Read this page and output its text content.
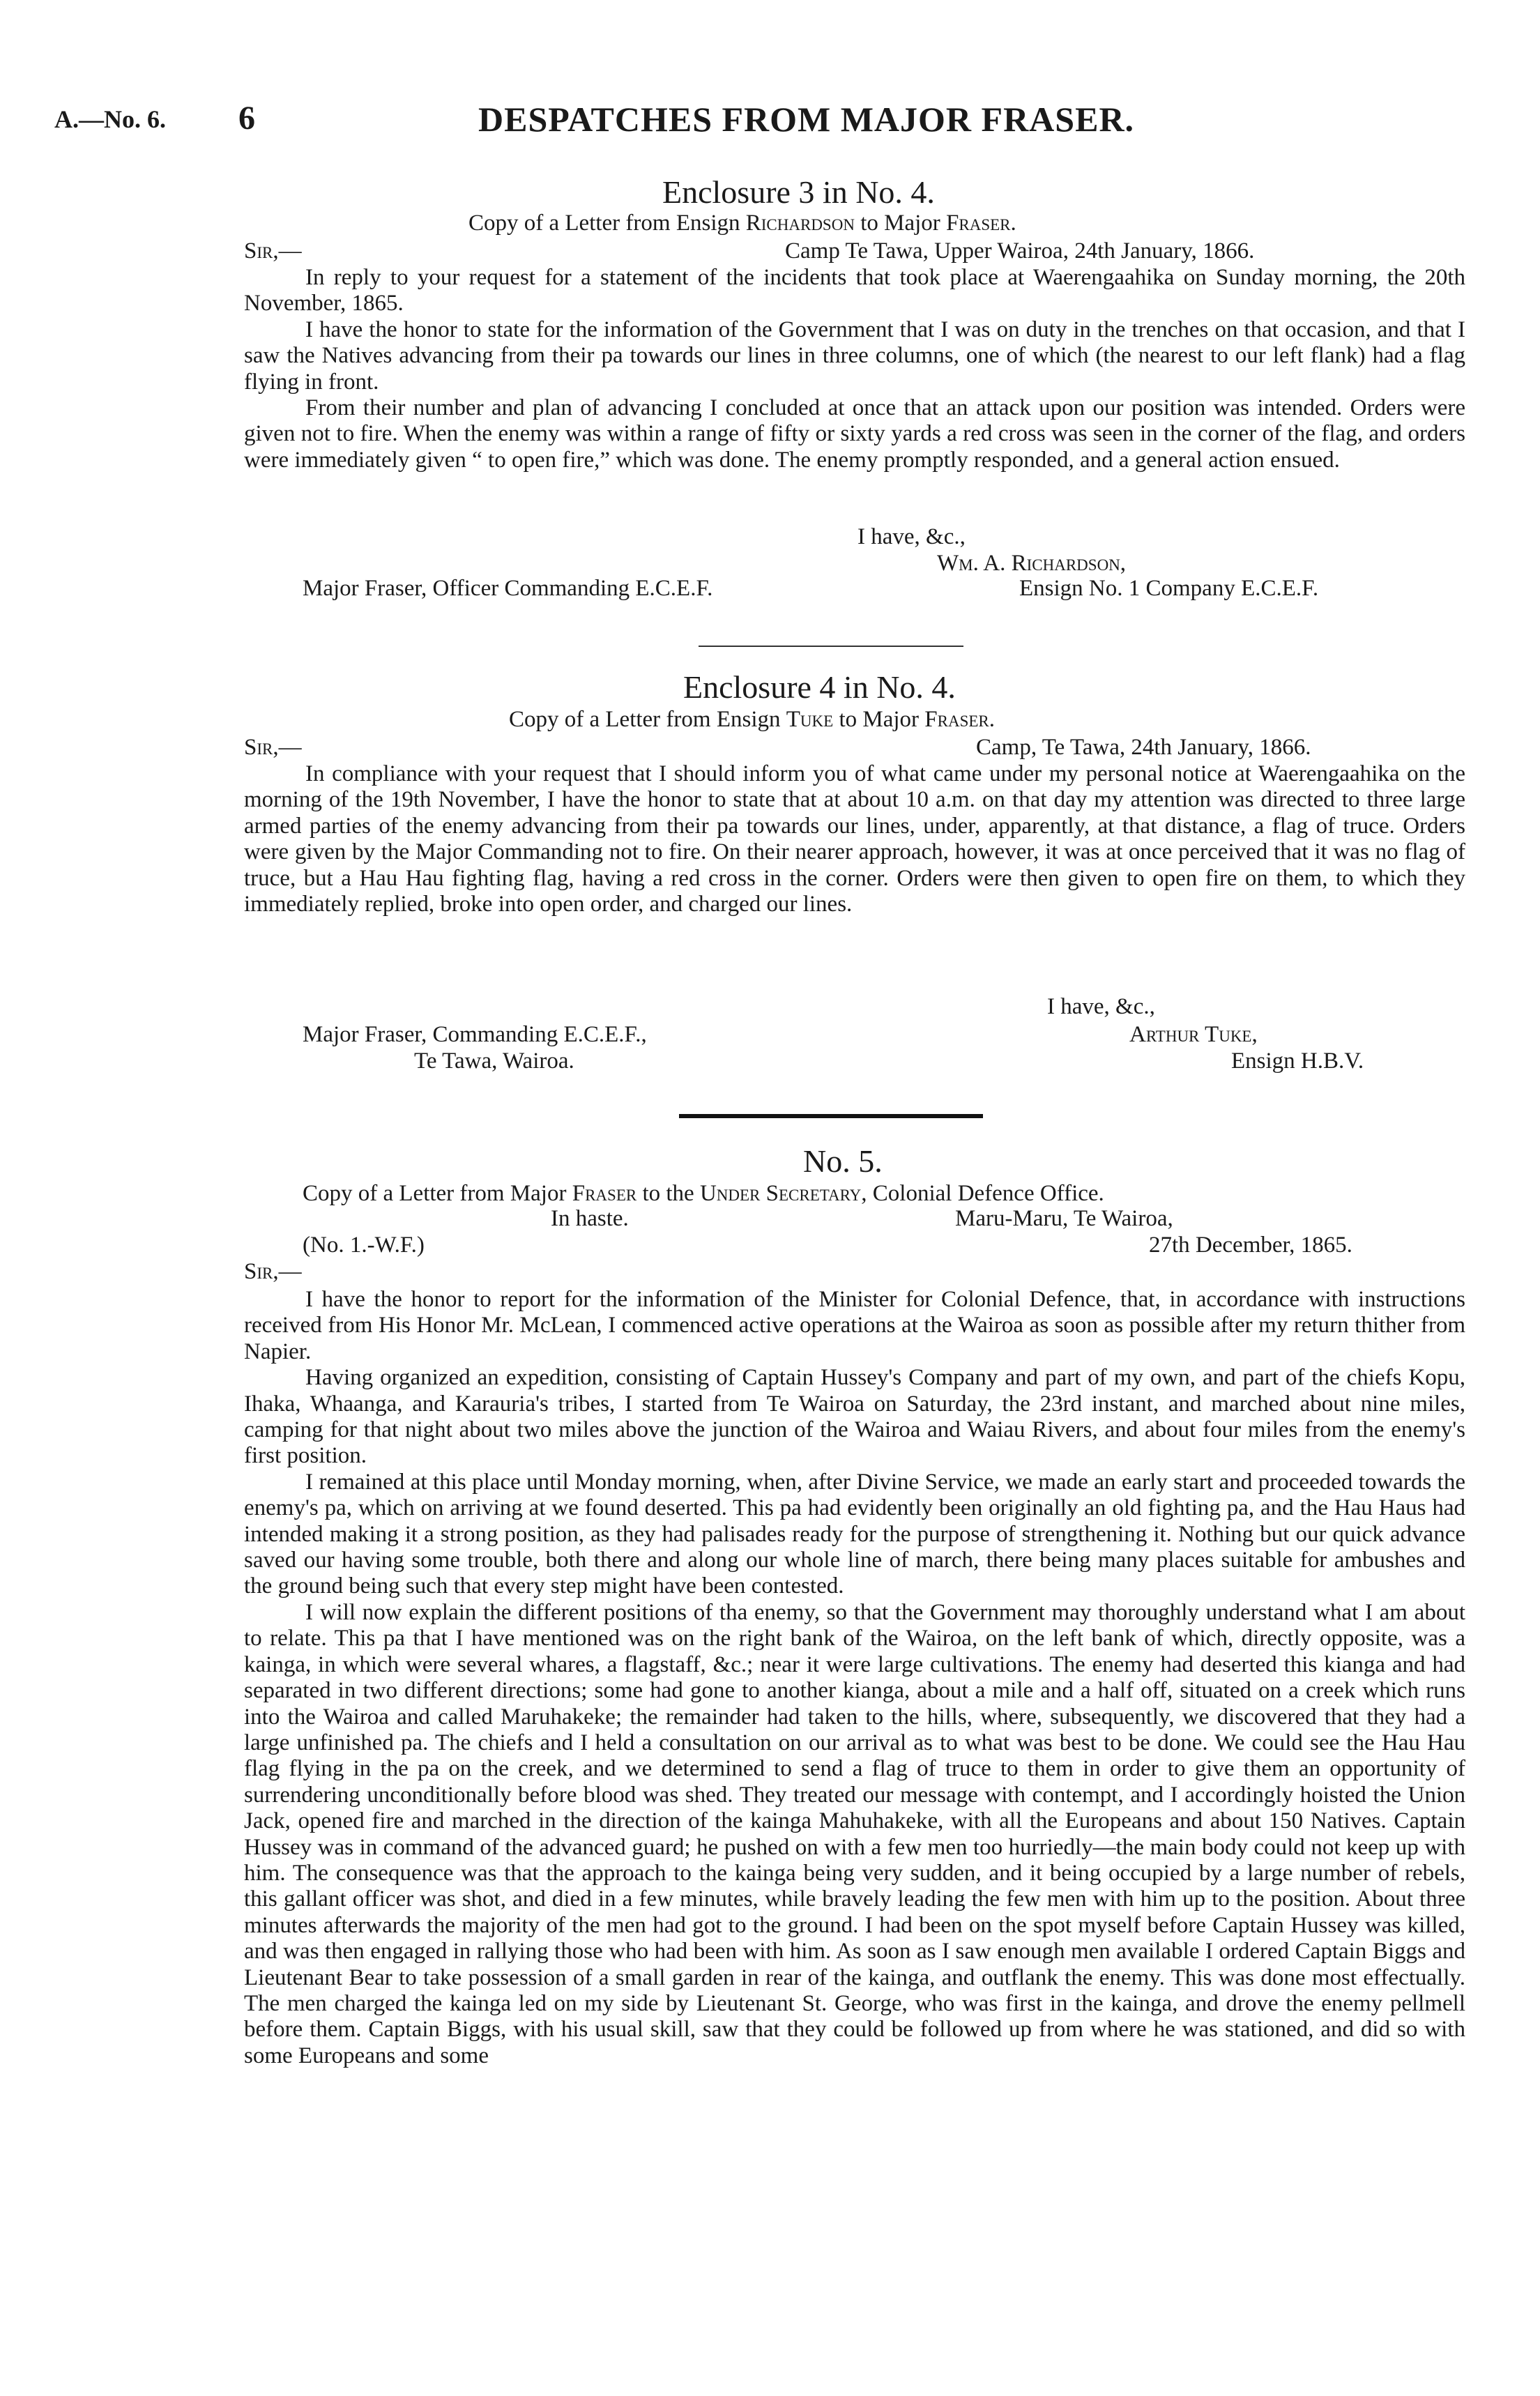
A.—No. 6. 6	DESPATCHES FROM MAJOR FRASER.
Enclosure 3 in No. 4.
Copy of a Letter from Ensign Richardson to Major Fraser.
Sir,—	Camp Te Tawa, Upper Wairoa, 24th January, 1866.

In reply to your request for a statement of the incidents that took place at Waerengaahika on Sunday morning, the 20th November, 1865.

I have the honor to state for the information of the Government that I was on duty in the trenches on that occasion, and that I saw the Natives advancing from their pa towards our lines in three columns, one of which (the nearest to our left flank) had a flag flying in front.

From their number and plan of advancing I concluded at once that an attack upon our position was intended. Orders were given not to fire. When the enemy was within a range of fifty or sixty yards a red cross was seen in the corner of the flag, and orders were immediately given “ to open fire,” which was done. The enemy promptly responded, and a general action ensued.

I have, &c.,
Wm. A. Richardson,
Major Fraser, Officer Commanding E.C.E.F.	Ensign No. 1 Company E.C.E.F.
Enclosure 4 in No. 4.
Copy of a Letter from Ensign Tuke to Major Fraser.
Sir,—	Camp, Te Tawa, 24th January, 1866.

In compliance with your request that I should inform you of what came under my personal notice at Waerengaahika on the morning of the 19th November, I have the honor to state that at about 10 a.m. on that day my attention was directed to three large armed parties of the enemy advancing from their pa towards our lines, under, apparently, at that distance, a flag of truce. Orders were given by the Major Commanding not to fire. On their nearer approach, however, it was at once perceived that it was no flag of truce, but a Hau Hau fighting flag, having a red cross in the corner. Orders were then given to open fire on them, to which they immediately replied, broke into open order, and charged our lines.

I have, &c.,
Major Fraser, Commanding E.C.E.F.,	Arthur Tuke,
Te Tawa, Wairoa.	Ensign H.B.V.
No. 5.
Copy of a Letter from Major Fraser to the Under Secretary, Colonial Defence Office.
In haste.	Maru-Maru, Te Wairoa,
(No. 1.-W.F.)	27th December, 1865.
Sir,—

I have the honor to report for the information of the Minister for Colonial Defence, that, in accordance with instructions received from His Honor Mr. McLean, I commenced active operations at the Wairoa as soon as possible after my return thither from Napier.

Having organized an expedition, consisting of Captain Hussey's Company and part of my own, and part of the chiefs Kopu, Ihaka, Whaanga, and Karauria's tribes, I started from Te Wairoa on Saturday, the 23rd instant, and marched about nine miles, camping for that night about two miles above the junction of the Wairoa and Waiau Rivers, and about four miles from the enemy's first position.

I remained at this place until Monday morning, when, after Divine Service, we made an early start and proceeded towards the enemy's pa, which on arriving at we found deserted. This pa had evidently been originally an old fighting pa, and the Hau Haus had intended making it a strong position, as they had palisades ready for the purpose of strengthening it. Nothing but our quick advance saved our having some trouble, both there and along our whole line of march, there being many places suitable for ambushes and the ground being such that every step might have been contested.

I will now explain the different positions of tha enemy, so that the Government may thoroughly understand what I am about to relate. This pa that I have mentioned was on the right bank of the Wairoa, on the left bank of which, directly opposite, was a kainga, in which were several whares, a flagstaff, &c.; near it were large cultivations. The enemy had deserted this kianga and had separated in two different directions; some had gone to another kianga, about a mile and a half off, situated on a creek which runs into the Wairoa and called Maruhakeke; the remainder had taken to the hills, where, subsequently, we discovered that they had a large unfinished pa. The chiefs and I held a consultation on our arrival as to what was best to be done. We could see the Hau Hau flag flying in the pa on the creek, and we determined to send a flag of truce to them in order to give them an opportunity of surrendering unconditionally before blood was shed. They treated our message with contempt, and I accordingly hoisted the Union Jack, opened fire and marched in the direction of the kainga Mahuhakeke, with all the Europeans and about 150 Natives. Captain Hussey was in command of the advanced guard; he pushed on with a few men too hurriedly—the main body could not keep up with him. The consequence was that the approach to the kainga being very sudden, and it being occupied by a large number of rebels, this gallant officer was shot, and died in a few minutes, while bravely leading the few men with him up to the position. About three minutes afterwards the majority of the men had got to the ground. I had been on the spot myself before Captain Hussey was killed, and was then engaged in rallying those who had been with him. As soon as I saw enough men available I ordered Captain Biggs and Lieutenant Bear to take possession of a small garden in rear of the kainga, and outflank the enemy. This was done most effectually. The men charged the kainga led on my side by Lieutenant St. George, who was first in the kainga, and drove the enemy pellmell before them. Captain Biggs, with his usual skill, saw that they could be followed up from where he was stationed, and did so with some Europeans and some
